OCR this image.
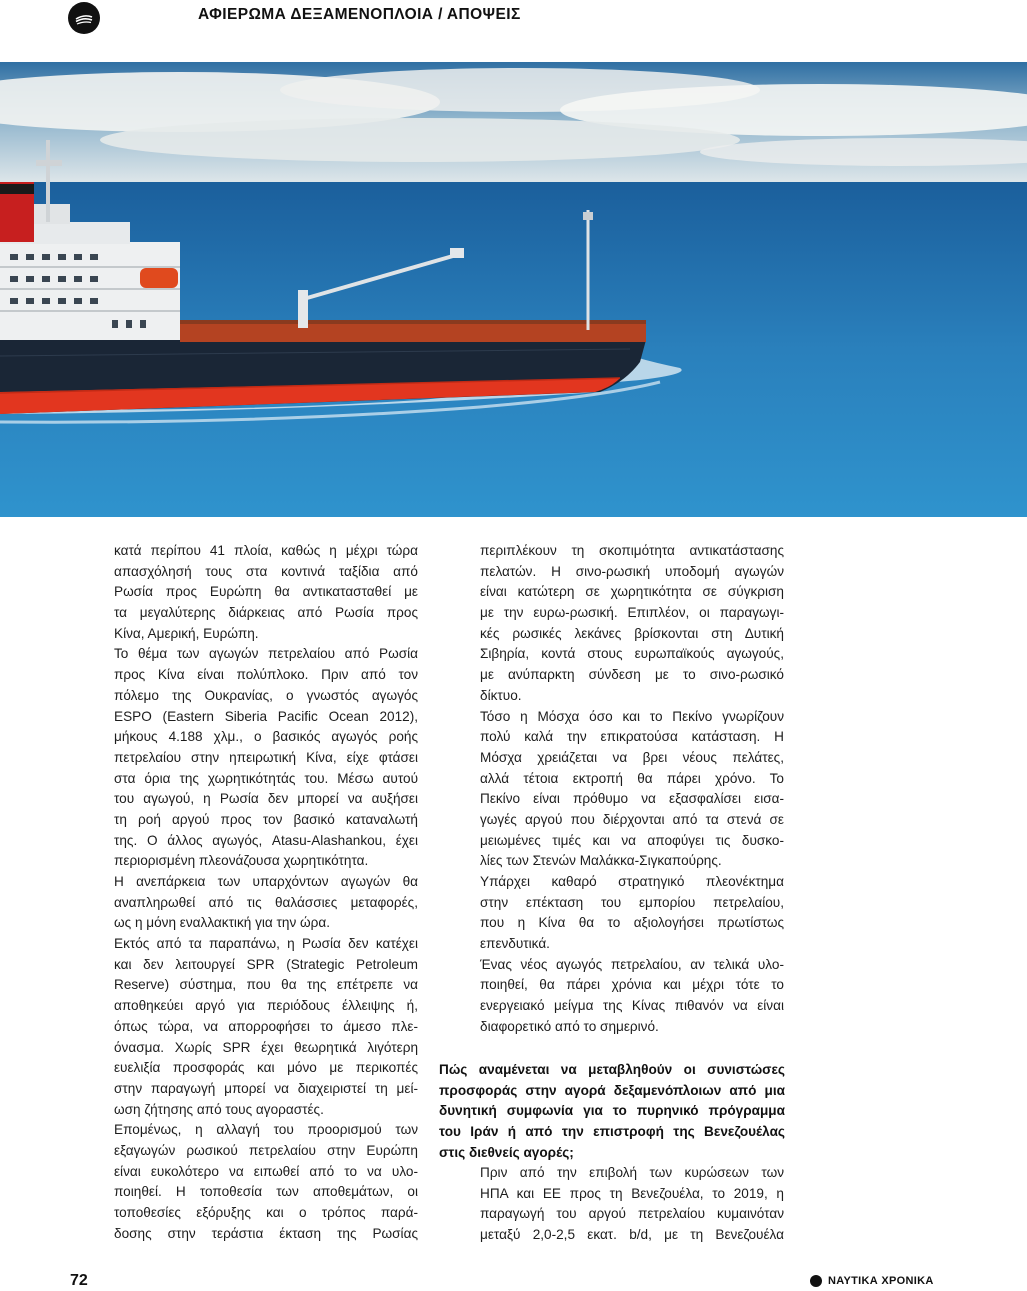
ΑΦΙΕΡΩΜΑ ΔΕΞΑΜΕΝΟΠΛΟΙΑ / ΑΠΟΨΕΙΣ
κατά περίπου 41 πλοία, καθώς η μέχρι τώρα
απασχόλησή τους στα κοντινά ταξίδια από
Ρωσία προς Ευρώπη θα αντικατασταθεί με
τα μεγαλύτερης διάρκειας από Ρωσία προς
Κίνα, Αμερική, Ευρώπη.
Το θέμα των αγωγών πετρελαίου από Ρωσία
προς Κίνα είναι πολύπλοκο. Πριν από τον
πόλεμο της Ουκρανίας, ο γνωστός αγωγός
ESPO (Eastern Siberia Pacific Ocean 2012),
μήκους 4.188 χλμ., ο βασικός αγωγός ροής
πετρελαίου στην ηπειρωτική Κίνα, είχε φτάσει
στα όρια της χωρητικότητάς του. Μέσω αυτού
του αγωγού, η Ρωσία δεν μπορεί να αυξήσει
τη ροή αργού προς τον βασικό καταναλωτή
της. Ο άλλος αγωγός, Atasu-Alashankou, έχει
περιορισμένη πλεονάζουσα χωρητικότητα.
Η ανεπάρκεια των υπαρχόντων αγωγών θα
αναπληρωθεί από τις θαλάσσιες μεταφορές,
ως η μόνη εναλλακτική για την ώρα.
Εκτός από τα παραπάνω, η Ρωσία δεν κατέχει
και δεν λειτουργεί SPR (Strategic Petroleum
Reserve) σύστημα, που θα της επέτρεπε να
αποθηκεύει αργό για περιόδους έλλειψης ή,
όπως τώρα, να απορροφήσει το άμεσο πλε-
όνασμα. Χωρίς SPR έχει θεωρητικά λιγότερη
ευελιξία προσφοράς και μόνο με περικοπές
στην παραγωγή μπορεί να διαχειριστεί τη μεί-
ωση ζήτησης από τους αγοραστές.
Επομένως, η αλλαγή του προορισμού των
εξαγωγών ρωσικού πετρελαίου στην Ευρώπη
είναι ευκολότερο να ειπωθεί από το να υλο-
ποιηθεί. Η τοποθεσία των αποθεμάτων, οι
τοποθεσίες εξόρυξης και ο τρόπος παρά-
δοσης στην τεράστια έκταση της Ρωσίας
περιπλέκουν τη σκοπιμότητα αντικατάστασης
πελατών. Η σινο-ρωσική υποδομή αγωγών
είναι κατώτερη σε χωρητικότητα σε σύγκριση
με την ευρω-ρωσική. Επιπλέον, οι παραγωγι-
κές ρωσικές λεκάνες βρίσκονται στη Δυτική
Σιβηρία, κοντά στους ευρωπαϊκούς αγωγούς,
με ανύπαρκτη σύνδεση με το σινο-ρωσικό
δίκτυο.
Τόσο η Μόσχα όσο και το Πεκίνο γνωρίζουν
πολύ καλά την επικρατούσα κατάσταση. Η
Μόσχα χρειάζεται να βρει νέους πελάτες,
αλλά τέτοια εκτροπή θα πάρει χρόνο. Το
Πεκίνο είναι πρόθυμο να εξασφαλίσει εισα-
γωγές αργού που διέρχονται από τα στενά σε
μειωμένες τιμές και να αποφύγει τις δυσκο-
λίες των Στενών Μαλάκκα-Σιγκαπούρης.
Υπάρχει καθαρό στρατηγικό πλεονέκτημα
στην επέκταση του εμπορίου πετρελαίου,
που η Κίνα θα το αξιολογήσει πρωτίστως
επενδυτικά.
Ένας νέος αγωγός πετρελαίου, αν τελικά υλο-
ποιηθεί, θα πάρει χρόνια και μέχρι τότε το
ενεργειακό μείγμα της Κίνας πιθανόν να είναι
διαφορετικό από το σημερινό.
Πώς αναμένεται να μεταβληθούν οι συνιστώσες
προσφοράς στην αγορά δεξαμενόπλοιων από μια
δυνητική συμφωνία για το πυρηνικό πρόγραμμα
του Ιράν ή από την επιστροφή της Βενεζουέλας
στις διεθνείς αγορές;
Πριν από την επιβολή των κυρώσεων των
ΗΠΑ και ΕΕ προς τη Βενεζουέλα, το 2019, η
παραγωγή του αργού πετρελαίου κυμαινόταν
μεταξύ 2,0-2,5 εκατ. b/d, με τη Βενεζουέλα
72	ΝΑΥΤΙΚΑ ΧΡΟΝΙΚΑ
